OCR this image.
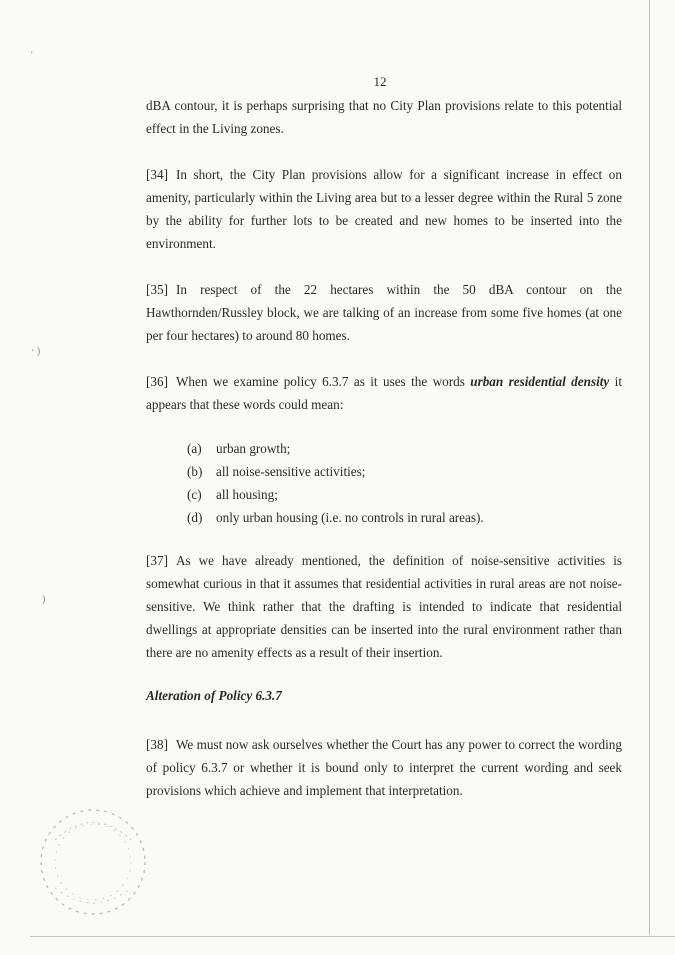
·
· )
)
12

dBA contour, it is perhaps surprising that no City Plan provisions relate to this potential effect in the Living zones.

[34] In short, the City Plan provisions allow for a significant increase in effect on amenity, particularly within the Living area but to a lesser degree within the Rural 5 zone by the ability for further lots to be created and new homes to be inserted into the environment.

[35] In respect of the 22 hectares within the 50 dBA contour on the Hawthornden/Russley block, we are talking of an increase from some five homes (at one per four hectares) to around 80 homes.

[36] When we examine policy 6.3.7 as it uses the words urban residential density it appears that these words could mean:

(a)	urban growth;
(b)	all noise-sensitive activities;
(c)	all housing;
(d)	only urban housing (i.e. no controls in rural areas).

[37] As we have already mentioned, the definition of noise-sensitive activities is somewhat curious in that it assumes that residential activities in rural areas are not noise-sensitive. We think rather that the drafting is intended to indicate that residential dwellings at appropriate densities can be inserted into the rural environment rather than there are no amenity effects as a result of their insertion.

Alteration of Policy 6.3.7

[38] We must now ask ourselves whether the Court has any power to correct the wording of policy 6.3.7 or whether it is bound only to interpret the current wording and seek provisions which achieve and implement that interpretation.
